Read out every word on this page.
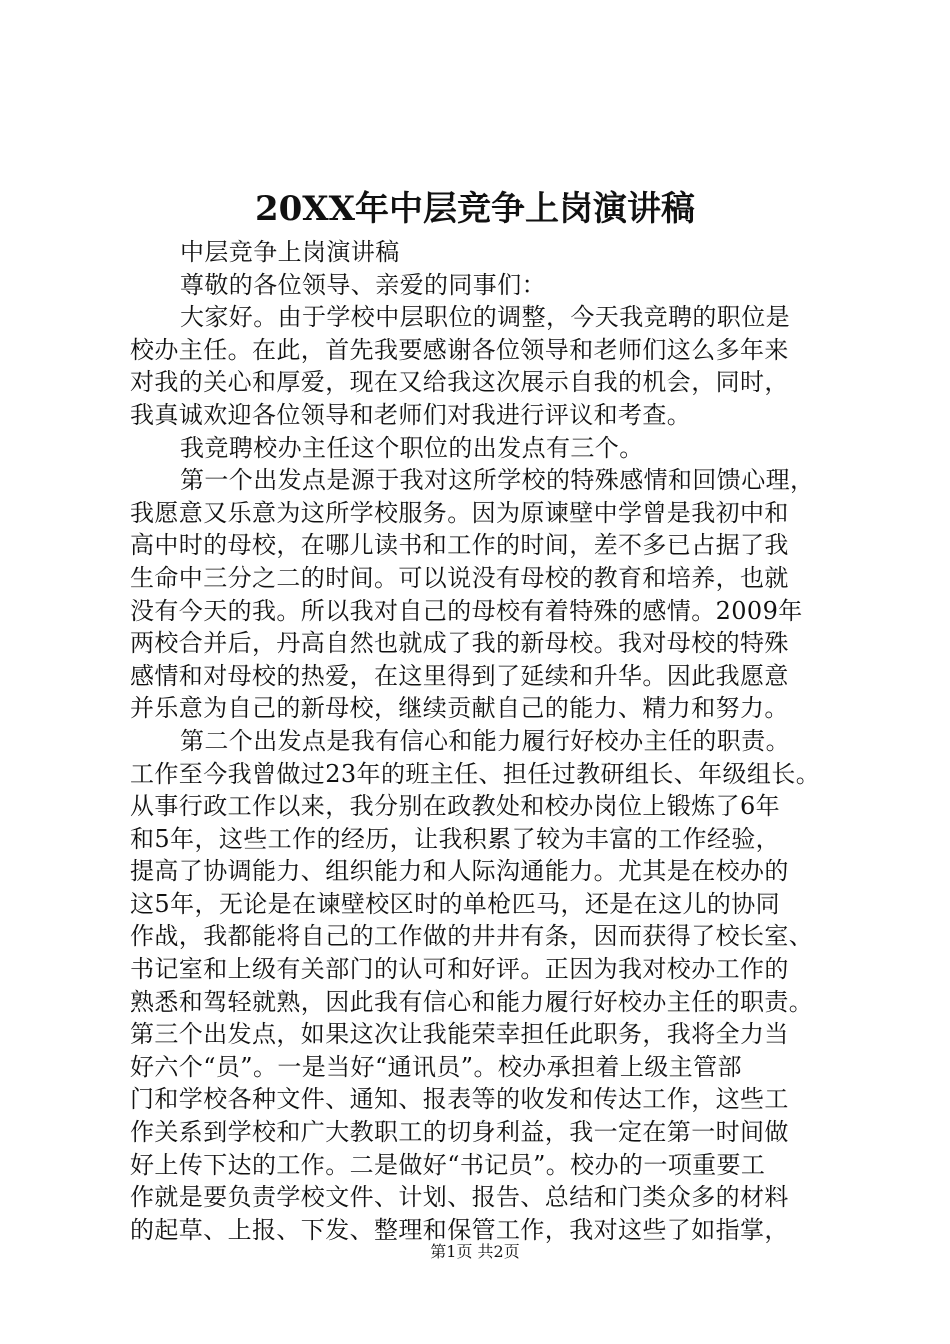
20XX年中层竞争上岗演讲稿
中层竞争上岗演讲稿
尊敬的各位领导、亲爱的同事们：
大家好。由于学校中层职位的调整，今天我竞聘的职位是
校办主任。在此，首先我要感谢各位领导和老师们这么多年来
对我的关心和厚爱，现在又给我这次展示自我的机会，同时，
我真诚欢迎各位领导和老师们对我进行评议和考查。
我竞聘校办主任这个职位的出发点有三个。
第一个出发点是源于我对这所学校的特殊感情和回馈心理，
我愿意又乐意为这所学校服务。因为原谏壁中学曾是我初中和
高中时的母校，在哪儿读书和工作的时间，差不多已占据了我
生命中三分之二的时间。可以说没有母校的教育和培养，也就
没有今天的我。所以我对自己的母校有着特殊的感情。2009年
两校合并后，丹高自然也就成了我的新母校。我对母校的特殊
感情和对母校的热爱，在这里得到了延续和升华。因此我愿意
并乐意为自己的新母校，继续贡献自己的能力、精力和努力。
第二个出发点是我有信心和能力履行好校办主任的职责。
工作至今我曾做过23年的班主任、担任过教研组长、年级组长。
从事行政工作以来，我分别在政教处和校办岗位上锻炼了6年
和5年，这些工作的经历，让我积累了较为丰富的工作经验，
提高了协调能力、组织能力和人际沟通能力。尤其是在校办的
这5年，无论是在谏壁校区时的单枪匹马，还是在这儿的协同
作战，我都能将自己的工作做的井井有条，因而获得了校长室、
书记室和上级有关部门的认可和好评。正因为我对校办工作的
熟悉和驾轻就熟，因此我有信心和能力履行好校办主任的职责。
第三个出发点，如果这次让我能荣幸担任此职务，我将全力当
好六个“员”。一是当好“通讯员”。校办承担着上级主管部
门和学校各种文件、通知、报表等的收发和传达工作，这些工
作关系到学校和广大教职工的切身利益，我一定在第一时间做
好上传下达的工作。二是做好“书记员”。校办的一项重要工
作就是要负责学校文件、计划、报告、总结和门类众多的材料
的起草、上报、下发、整理和保管工作，我对这些了如指掌，
第1页 共2页
